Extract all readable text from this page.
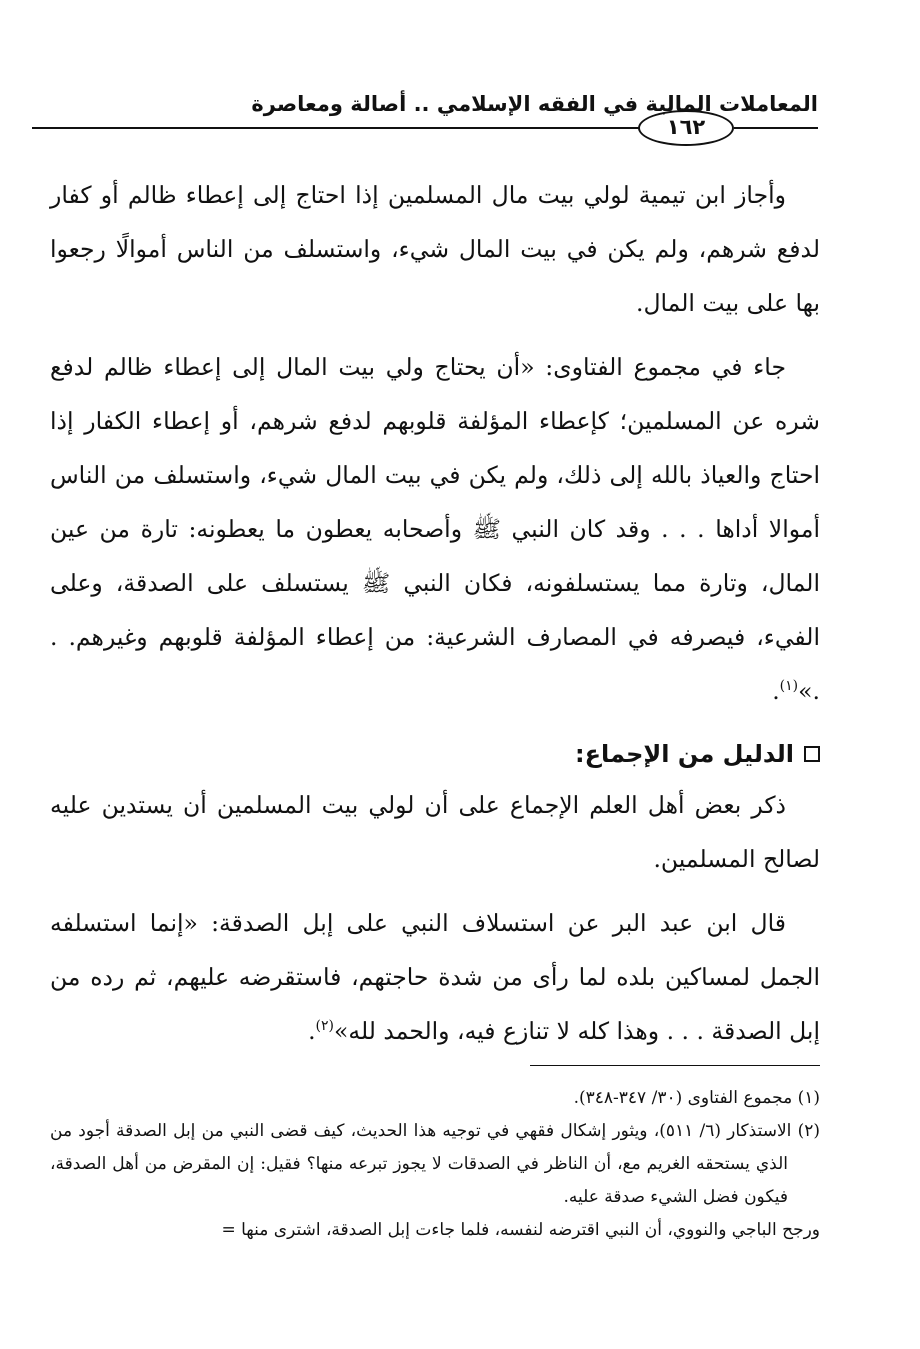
المعاملات المالية في الفقه الإسلامي .. أصالة ومعاصرة
١٦٢

وأجاز ابن تيمية لولي بيت مال المسلمين إذا احتاج إلى إعطاء ظالم أو كفار لدفع شرهم، ولم يكن في بيت المال شيء، واستسلف من الناس أموالًا رجعوا بها على بيت المال.

جاء في مجموع الفتاوى: «أن يحتاج ولي بيت المال إلى إعطاء ظالم لدفع شره عن المسلمين؛ كإعطاء المؤلفة قلوبهم لدفع شرهم، أو إعطاء الكفار إذا احتاج والعياذ بالله إلى ذلك، ولم يكن في بيت المال شيء، واستسلف من الناس أموالا أداها . . . وقد كان النبي ﷺ وأصحابه يعطون ما يعطونه: تارة من عين المال، وتارة مما يستسلفونه، فكان النبي ﷺ يستسلف على الصدقة، وعلى الفيء، فيصرفه في المصارف الشرعية: من إعطاء المؤلفة قلوبهم وغيرهم. . .»$^{(١)}$.

الدليل من الإجماع:

ذكر بعض أهل العلم الإجماع على أن لولي بيت المسلمين أن يستدين عليه لصالح المسلمين.

قال ابن عبد البر عن استسلاف النبي على إبل الصدقة: «إنما استسلفه الجمل لمساكين بلده لما رأى من شدة حاجتهم، فاستقرضه عليهم، ثم رده من إبل الصدقة . . . وهذا كله لا تنازع فيه، والحمد لله»$^{(٢)}$.

(١) مجموع الفتاوى (٣٠/ ٣٤٧-٣٤٨).

(٢) الاستذكار (٦/ ٥١١)، ويثور إشكال فقهي في توجيه هذا الحديث، كيف قضى النبي من إبل الصدقة أجود من الذي يستحقه الغريم مع، أن الناظر في الصدقات لا يجوز تبرعه منها؟ فقيل: إن المقرض من أهل الصدقة، فيكون فضل الشيء صدقة عليه.

ورجح الباجي والنووي، أن النبي اقترضه لنفسه، فلما جاءت إبل الصدقة، اشترى منها =
